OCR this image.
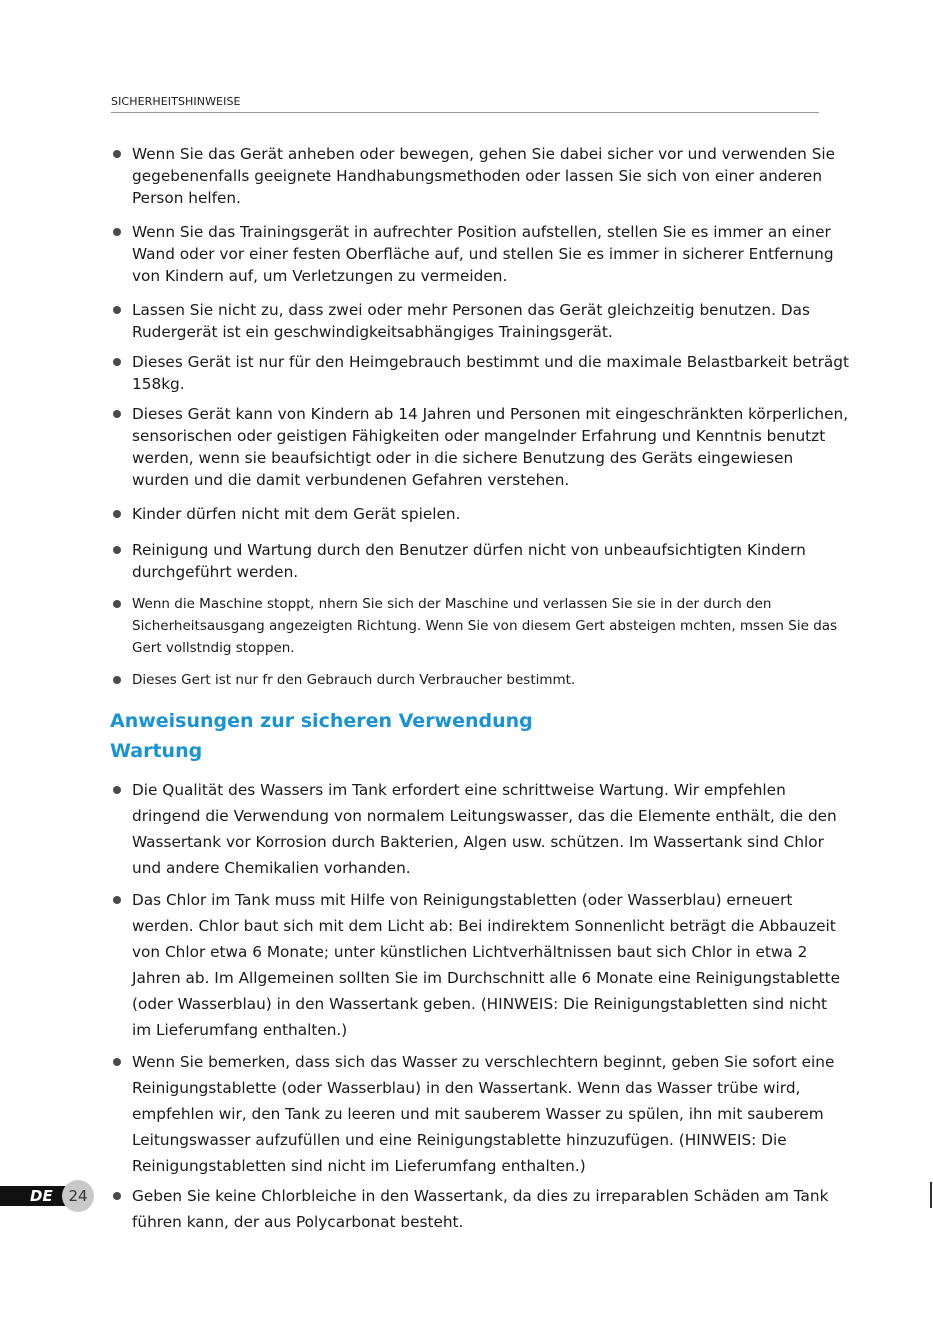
SICHERHEITSHINWEISE
Wenn Sie das Gerät anheben oder bewegen, gehen Sie dabei sicher vor und verwenden Sie gegebenenfalls geeignete Handhabungsmethoden oder lassen Sie sich von einer anderen Person helfen.
Wenn Sie das Trainingsgerät in aufrechter Position aufstellen, stellen Sie es immer an einer Wand oder vor einer festen Oberfläche auf, und stellen Sie es immer in sicherer Entfernung von Kindern auf, um Verletzungen zu vermeiden.
Lassen Sie nicht zu, dass zwei oder mehr Personen das Gerät gleichzeitig benutzen. Das Rudergerät ist ein geschwindigkeitsabhängiges Trainingsgerät.
Dieses Gerät ist nur für den Heimgebrauch bestimmt und die maximale Belastbarkeit beträgt 158kg.
Dieses Gerät kann von Kindern ab 14 Jahren und Personen mit eingeschränkten körperlichen, sensorischen oder geistigen Fähigkeiten oder mangelnder Erfahrung und Kenntnis benutzt werden, wenn sie beaufsichtigt oder in die sichere Benutzung des Geräts eingewiesen wurden und die damit verbundenen Gefahren verstehen.
Kinder dürfen nicht mit dem Gerät spielen.
Reinigung und Wartung durch den Benutzer dürfen nicht von unbeaufsichtigten Kindern durchgeführt werden.
Wenn die Maschine stoppt, nhern Sie sich der Maschine und verlassen Sie sie in der durch den Sicherheitsausgang angezeigten Richtung. Wenn Sie von diesem Gert absteigen mchten, mssen Sie das Gert vollstndig stoppen.
Dieses Gert ist nur fr den Gebrauch durch Verbraucher bestimmt.
Anweisungen zur sicheren Verwendung
Wartung
Die Qualität des Wassers im Tank erfordert eine schrittweise Wartung. Wir empfehlen dringend die Verwendung von normalem Leitungswasser, das die Elemente enthält, die den Wassertank vor Korrosion durch Bakterien, Algen usw. schützen. Im Wassertank sind Chlor und andere Chemikalien vorhanden.
Das Chlor im Tank muss mit Hilfe von Reinigungstabletten (oder Wasserblau) erneuert werden. Chlor baut sich mit dem Licht ab: Bei indirektem Sonnenlicht beträgt die Abbauzeit von Chlor etwa 6 Monate; unter künstlichen Lichtverhältnissen baut sich Chlor in etwa 2 Jahren ab. Im Allgemeinen sollten Sie im Durchschnitt alle 6 Monate eine Reinigungstablette (oder Wasserblau) in den Wassertank geben. (HINWEIS: Die Reinigungstabletten sind nicht im Lieferumfang enthalten.)
Wenn Sie bemerken, dass sich das Wasser zu verschlechtern beginnt, geben Sie sofort eine Reinigungstablette (oder Wasserblau) in den Wassertank. Wenn das Wasser trübe wird, empfehlen wir, den Tank zu leeren und mit sauberem Wasser zu spülen, ihn mit sauberem Leitungswasser aufzufüllen und eine Reinigungstablette hinzuzufügen. (HINWEIS: Die Reinigungstabletten sind nicht im Lieferumfang enthalten.)
Geben Sie keine Chlorbleiche in den Wassertank, da dies zu irreparablen Schäden am Tank führen kann, der aus Polycarbonat besteht.
DE	24
